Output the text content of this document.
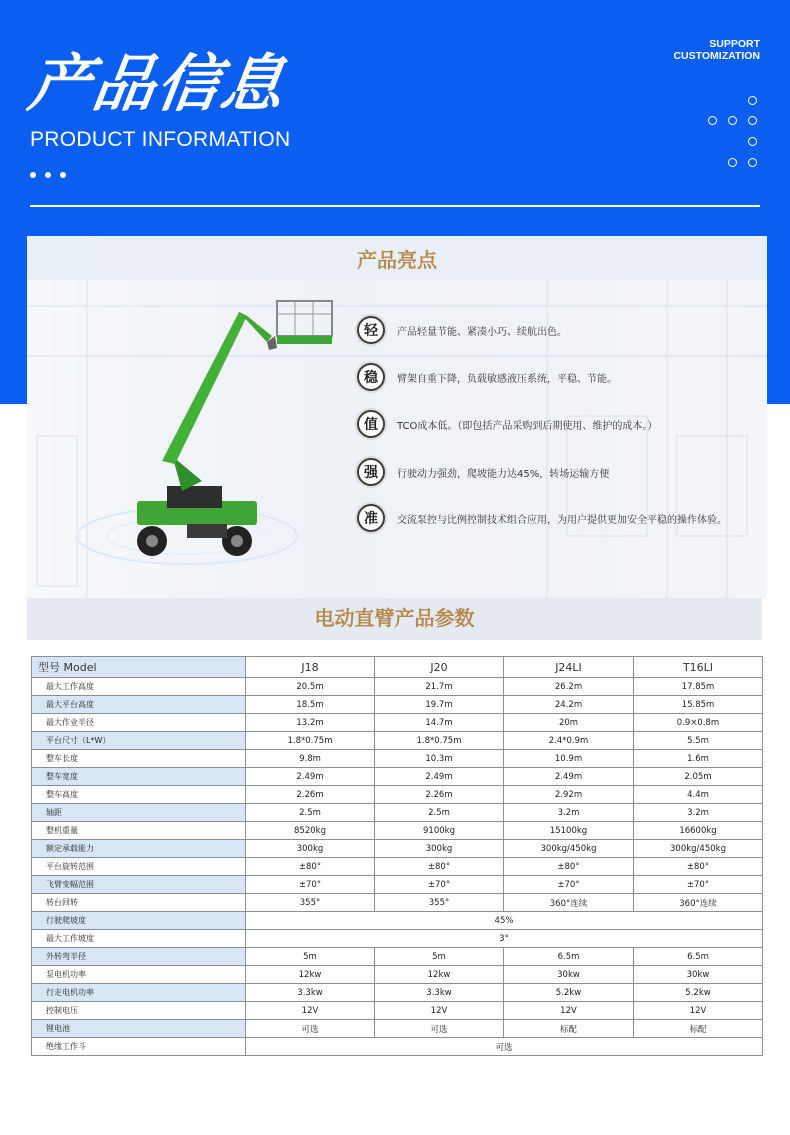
产品信息
PRODUCT INFORMATION
SUPPORT
CUSTOMIZATION
产品亮点
轻	产品轻量节能、紧凑小巧、续航出色。
稳	臂架自重下降，负载敏感液压系统，平稳、节能。
值	TCO成本低。（即包括产品采购到后期使用、维护的成本。）
强	行驶动力强劲，爬坡能力达45%，转场运输方便
准	交流泵控与比例控制技术组合应用，为用户提供更加安全平稳的操作体验。
电动直臂产品参数
型号 Model	J18	J20	J24LI	T16LI
最大工作高度	20.5m	21.7m	26.2m	17.85m
最大平台高度	18.5m	19.7m	24.2m	15.85m
最大作业半径	13.2m	14.7m	20m	0.9×0.8m
平台尺寸（L*W）	1.8*0.75m	1.8*0.75m	2.4*0.9m	5.5m
整车长度	9.8m	10.3m	10.9m	1.6m
整车宽度	2.49m	2.49m	2.49m	2.05m
整车高度	2.26m	2.26m	2.92m	4.4m
轴距	2.5m	2.5m	3.2m	3.2m
整机重量	8520kg	9100kg	15100kg	16600kg
额定承载能力	300kg	300kg	300kg/450kg	300kg/450kg
平台旋转范围	±80°	±80°	±80°	±80°
飞臂变幅范围	±70°	±70°	±70°	±70°
转台回转	355°	355°	360°连续	360°连续
行驶爬坡度	45%			
最大工作坡度	3°			
外转弯半径	5m	5m	6.5m	6.5m
泵电机功率	12kw	12kw	30kw	30kw
行走电机功率	3.3kw	3.3kw	5.2kw	5.2kw
控制电压	12V	12V	12V	12V
锂电池	可选	可选	标配	标配
绝缘工作斗	可选			
